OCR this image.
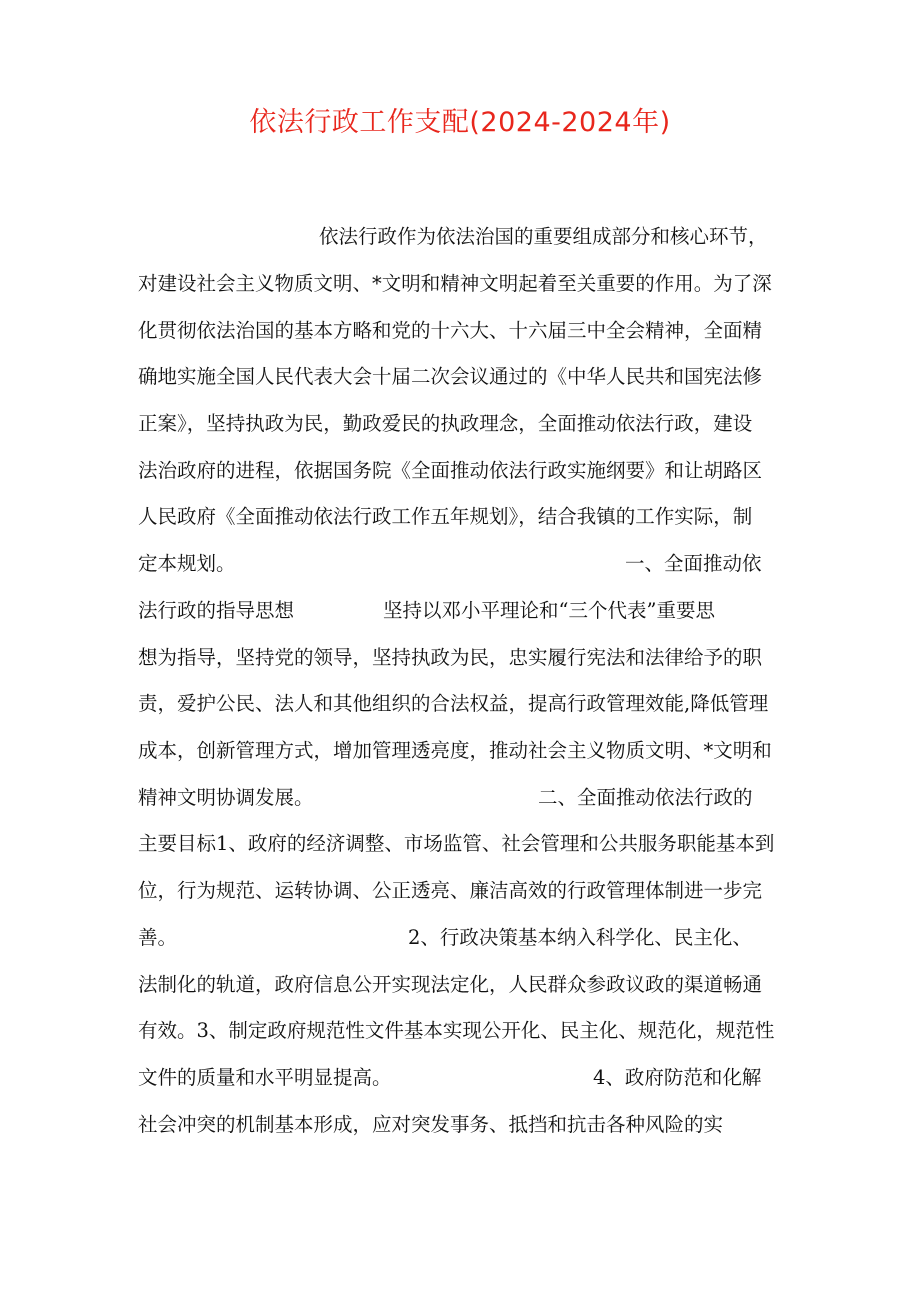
依法行政工作支配(2024-2024年)
依法行政作为依法治国的重要组成部分和核心环节，
对建设社会主义物质文明、*文明和精神文明起着至关重要的作用。为了深
化贯彻依法治国的基本方略和党的十六大、十六届三中全会精神，全面精
确地实施全国人民代表大会十届二次会议通过的《中华人民共和国宪法修
正案》，坚持执政为民，勤政爱民的执政理念，全面推动依法行政，建设
法治政府的进程，依据国务院《全面推动依法行政实施纲要》和让胡路区
人民政府《全面推动依法行政工作五年规划》，结合我镇的工作实际，制
定本规划。	一、全面推动依
法行政的指导思想	坚持以邓小平理论和“三个代表”重要思
想为指导，坚持党的领导，坚持执政为民，忠实履行宪法和法律给予的职
责，爱护公民、法人和其他组织的合法权益，提高行政管理效能,降低管理
成本，创新管理方式，增加管理透亮度，推动社会主义物质文明、*文明和
精神文明协调发展。	二、全面推动依法行政的
主要目标1、政府的经济调整、市场监管、社会管理和公共服务职能基本到
位，行为规范、运转协调、公正透亮、廉洁高效的行政管理体制进一步完
善。	2、行政决策基本纳入科学化、民主化、
法制化的轨道，政府信息公开实现法定化，人民群众参政议政的渠道畅通
有效。3、制定政府规范性文件基本实现公开化、民主化、规范化，规范性
文件的质量和水平明显提高。	4、政府防范和化解
社会冲突的机制基本形成，应对突发事务、抵挡和抗击各种风险的实
